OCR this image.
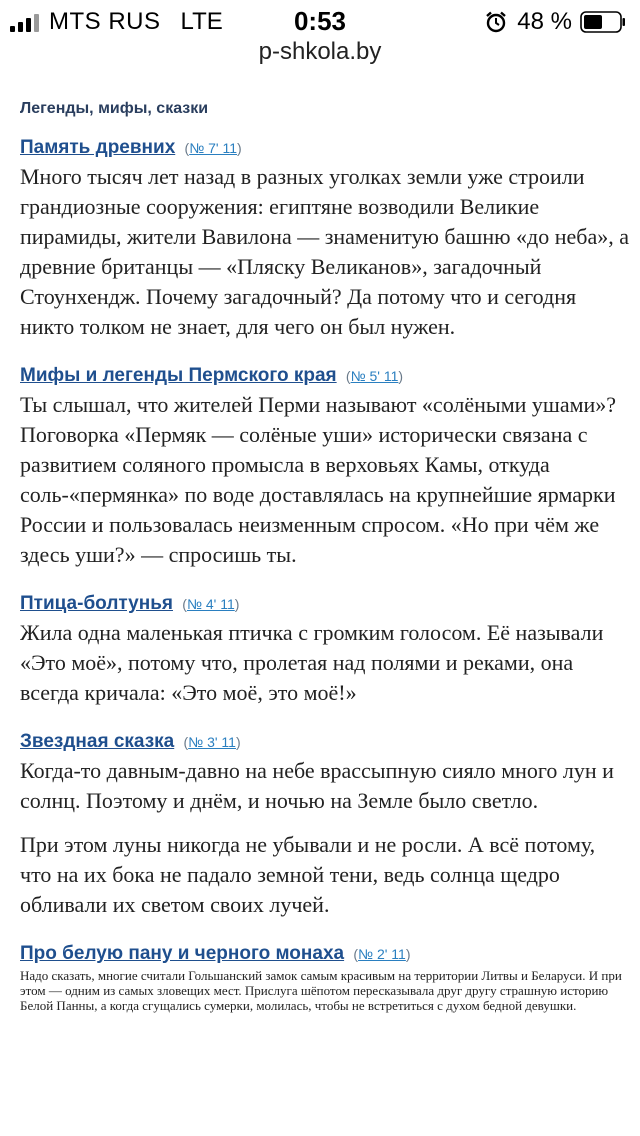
MTS RUS LTE	0:53	48 %
p-shkola.by
Легенды, мифы, сказки
Память древних (№ 7' 11)

Много тысяч лет назад в разных уголках земли уже строили грандиозные сооружения: египтяне возводили Великие пирамиды, жители Вавилона — знаменитую башню «до неба», а древние британцы — «Пляску Великанов», загадочный Стоунхендж. Почему загадочный? Да потому что и сегодня никто толком не знает, для чего он был нужен.

Мифы и легенды Пермского края (№ 5' 11)

Ты слышал, что жителей Перми называют «солёными ушами»? Поговорка «Пермяк — солёные уши» исторически связана с развитием соляного промысла в верховьях Камы, откуда соль-«пермянка» по воде доставлялась на крупнейшие ярмарки России и пользовалась неизменным спросом. «Но при чём же здесь уши?» — спросишь ты.

Птица-болтунья (№ 4' 11)

Жила одна маленькая птичка с громким голосом. Её называли «Это моё», потому что, пролетая над полями и реками, она всегда кричала: «Это моё, это моё!»

Звездная сказка (№ 3' 11)

Когда-то давным-давно на небе врассыпную сияло много лун и солнц. Поэтому и днём, и ночью на Земле было светло.

При этом луны никогда не убывали и не росли. А всё потому, что на их бока не падало земной тени, ведь солнца щедро обливали их светом своих лучей.

Про белую пану и черного монаха (№ 2' 11)

Надо сказать, многие считали Гольшанский замок самым красивым на территории Литвы и Беларуси. И при этом — одним из самых зловещих мест. Прислуга шёпотом пересказывала друг другу страшную историю Белой Панны, а когда сгущались сумерки, молилась, чтобы не встретиться с духом бедной девушки.
